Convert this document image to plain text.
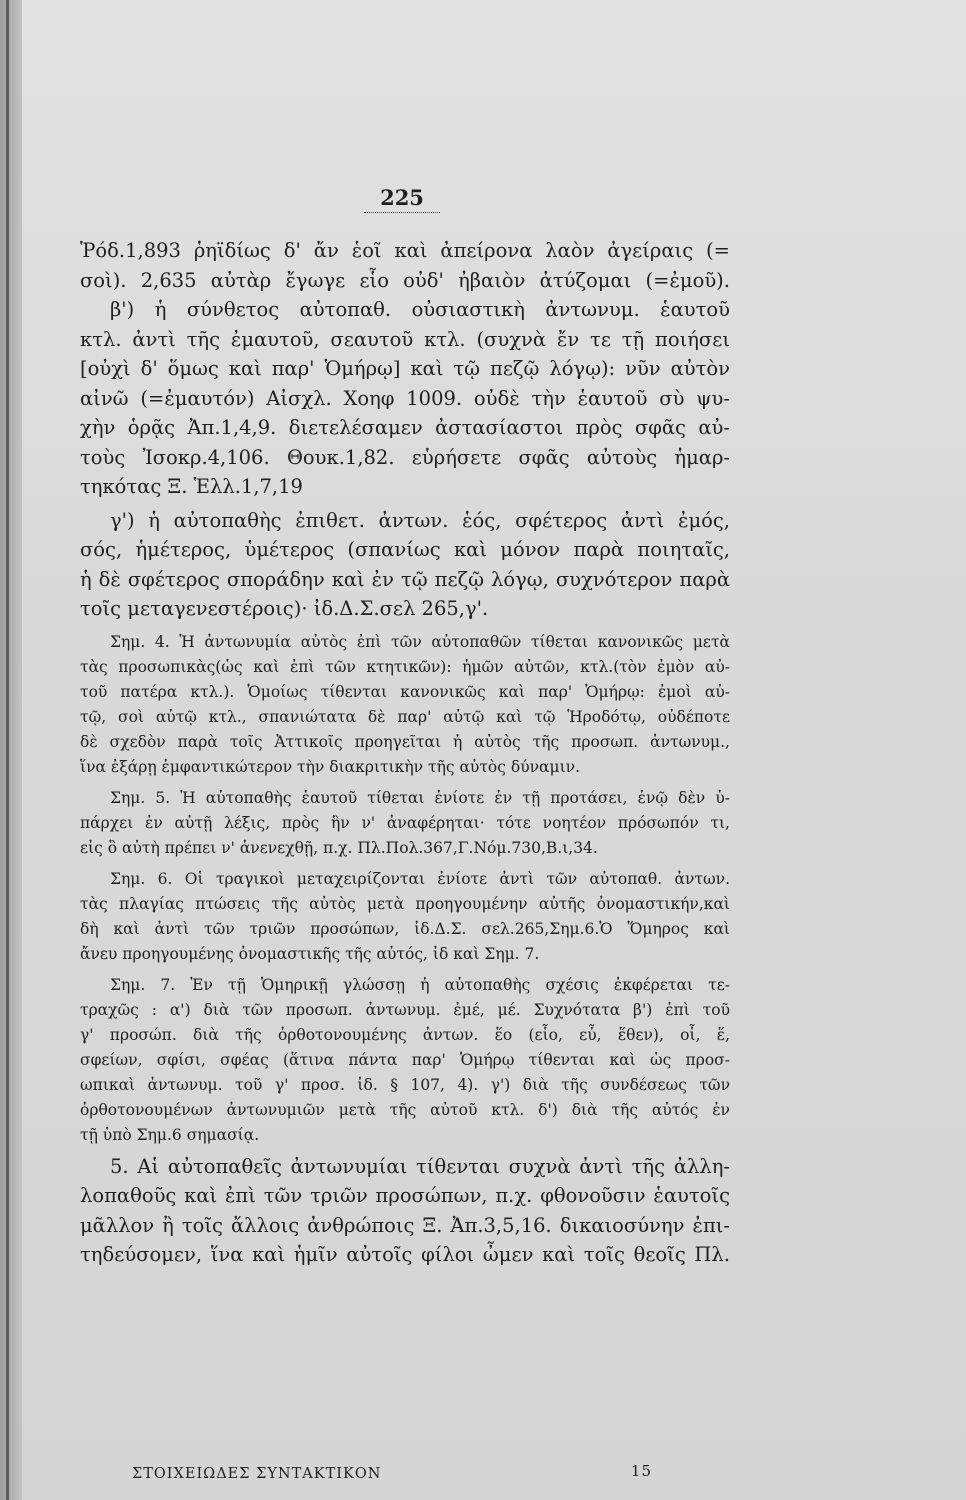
225
Ῥόδ.1,893 ῥηϊδίως δ' ἄν ἑοῖ καὶ ἀπείρονα λαὸν ἀγείραις (=
σοὶ). 2,635 αὐτὰρ ἔγωγε εἷο οὐδ' ἠβαιὸν ἀτύζομαι (=ἐμοῦ).
β') ἡ σύνθετος αὐτοπαθ. οὐσιαστικὴ ἀντωνυμ. ἑαυτοῦ
κτλ. ἀντὶ τῆς ἐμαυτοῦ, σεαυτοῦ κτλ. (συχνὰ ἔν τε τῇ ποιήσει
[οὐχὶ δ' ὅμως καὶ παρ' Ὁμήρῳ] καὶ τῷ πεζῷ λόγῳ): νῦν αὐτὸν
αἰνῶ (=ἐμαυτόν) Αἰσχλ. Χοηφ 1009. οὐδὲ τὴν ἑαυτοῦ σὺ ψυ-
χὴν ὁρᾷς Ἀπ.1,4,9. διετελέσαμεν ἀστασίαστοι πρὸς σφᾶς αὐ-
τοὺς Ἰσοκρ.4,106. Θουκ.1,82. εὑρήσετε σφᾶς αὐτοὺς ἡμαρ-
τηκότας Ξ. Ἑλλ.1,7,19
γ') ἡ αὐτοπαθὴς ἐπιθετ. ἀντων. ἑός, σφέτερος ἀντὶ ἐμός,
σός, ἡμέτερος, ὑμέτερος (σπανίως καὶ μόνον παρὰ ποιηταῖς,
ἡ δὲ σφέτερος σποράδην καὶ ἐν τῷ πεζῷ λόγῳ, συχνότερον παρὰ
τοῖς μεταγενεστέροις)· ἰδ.Δ.Σ.σελ 265,γ'.
Σημ. 4. Ἡ ἀντωνυμία αὐτὸς ἐπὶ τῶν αὐτοπαθῶν τίθεται κανονικῶς μετὰ
τὰς προσωπικὰς(ὡς καὶ ἐπὶ τῶν κτητικῶν): ἡμῶν αὐτῶν, κτλ.(τὸν ἐμὸν αὐ-
τοῦ πατέρα κτλ.). Ὁμοίως τίθενται κανονικῶς καὶ παρ' Ὁμήρῳ: ἐμοὶ αὐ-
τῷ, σοὶ αὐτῷ κτλ., σπανιώτατα δὲ παρ' αὐτῷ καὶ τῷ Ἡροδότῳ, οὐδέποτε
δὲ σχεδὸν παρὰ τοῖς Ἀττικοῖς προηγεῖται ἡ αὐτὸς τῆς προσωπ. ἀντωνυμ.,
ἵνα ἐξάρῃ ἐμφαντικώτερον τὴν διακριτικὴν τῆς αὐτὸς δύναμιν.
Σημ. 5. Ἡ αὐτοπαθὴς ἑαυτοῦ τίθεται ἐνίοτε ἐν τῇ προτάσει, ἐνῷ δὲν ὑ-
πάρχει ἐν αὐτῇ λέξις, πρὸς ἣν ν' ἀναφέρηται· τότε νοητέον πρόσωπόν τι,
εἰς ὃ αὐτὴ πρέπει ν' ἀνενεχθῇ, π.χ. Πλ.Πολ.367,Γ.Νόμ.730,Β.ι,34.
Σημ. 6. Οἱ τραγικοὶ μεταχειρίζονται ἐνίοτε ἀντὶ τῶν αὐτοπαθ. ἀντων.
τὰς πλαγίας πτώσεις τῆς αὐτὸς μετὰ προηγουμένην αὐτῆς ὀνομαστικήν,καὶ
δὴ καὶ ἀντὶ τῶν τριῶν προσώπων, ἰδ.Δ.Σ. σελ.265,Σημ.6.Ὁ Ὅμηρος καὶ
ἄνευ προηγουμένης ὀνομαστικῆς τῆς αὐτός, ἰδ καὶ Σημ. 7.
Σημ. 7. Ἐν τῇ Ὁμηρικῇ γλώσσῃ ἡ αὐτοπαθὴς σχέσις ἐκφέρεται τε-
τραχῶς : α') διὰ τῶν προσωπ. ἀντωνυμ. ἐμέ, μέ. Συχνότατα β') ἐπὶ τοῦ
γ' προσώπ. διὰ τῆς ὀρθοτονουμένης ἀντων. ἕο (εἷο, εὖ, ἕθεν), οἷ, ἕ,
σφείων, σφίσι, σφέας (ἅτινα πάντα παρ' Ὁμήρῳ τίθενται καὶ ὡς προσ-
ωπικαὶ ἀντωνυμ. τοῦ γ' προσ. ἰδ. § 107, 4). γ') διὰ τῆς συνδέσεως τῶν
ὀρθοτονουμένων ἀντωνυμιῶν μετὰ τῆς αὐτοῦ κτλ. δ') διὰ τῆς αὐτός ἐν
τῇ ὑπὸ Σημ.6 σημασίᾳ.
5. Αἱ αὐτοπαθεῖς ἀντωνυμίαι τίθενται συχνὰ ἀντὶ τῆς ἀλλη-
λοπαθοῦς καὶ ἐπὶ τῶν τριῶν προσώπων, π.χ. φθονοῦσιν ἑαυτοῖς
μᾶλλον ἢ τοῖς ἄλλοις ἀνθρώποις Ξ. Ἀπ.3,5,16. δικαιοσύνην ἐπι-
τηδεύσομεν, ἵνα καὶ ἡμῖν αὐτοῖς φίλοι ὦμεν καὶ τοῖς θεοῖς Πλ.
ΣΤΟΙΧΕΙΩΔΕΣ ΣΥΝΤΑΚΤΙΚΟΝ	15
